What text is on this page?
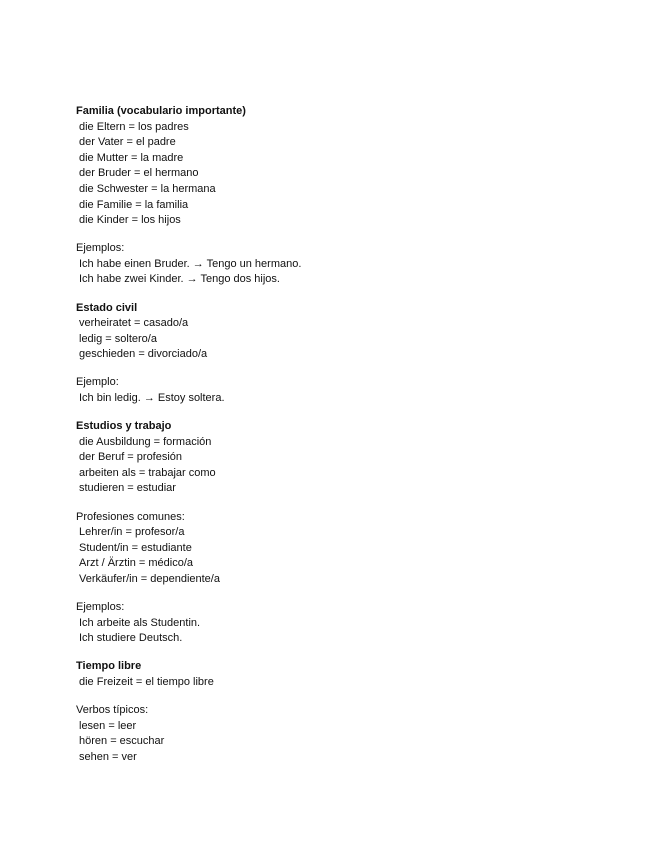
Familia (vocabulario importante)

die Eltern = los padres

der Vater = el padre

die Mutter = la madre

der Bruder = el hermano

die Schwester = la hermana

die Familie = la familia

die Kinder = los hijos

Ejemplos:

Ich habe einen Bruder. → Tengo un hermano.

Ich habe zwei Kinder. → Tengo dos hijos.

Estado civil

verheiratet = casado/a

ledig = soltero/a

geschieden = divorciado/a

Ejemplo:

Ich bin ledig. → Estoy soltera.

Estudios y trabajo

die Ausbildung = formación

der Beruf = profesión

arbeiten als = trabajar como

studieren = estudiar

Profesiones comunes:

Lehrer/in = profesor/a

Student/in = estudiante

Arzt / Ärztin = médico/a

Verkäufer/in = dependiente/a

Ejemplos:

Ich arbeite als Studentin.

Ich studiere Deutsch.

Tiempo libre

die Freizeit = el tiempo libre

Verbos típicos:

lesen = leer

hören = escuchar

sehen = ver
